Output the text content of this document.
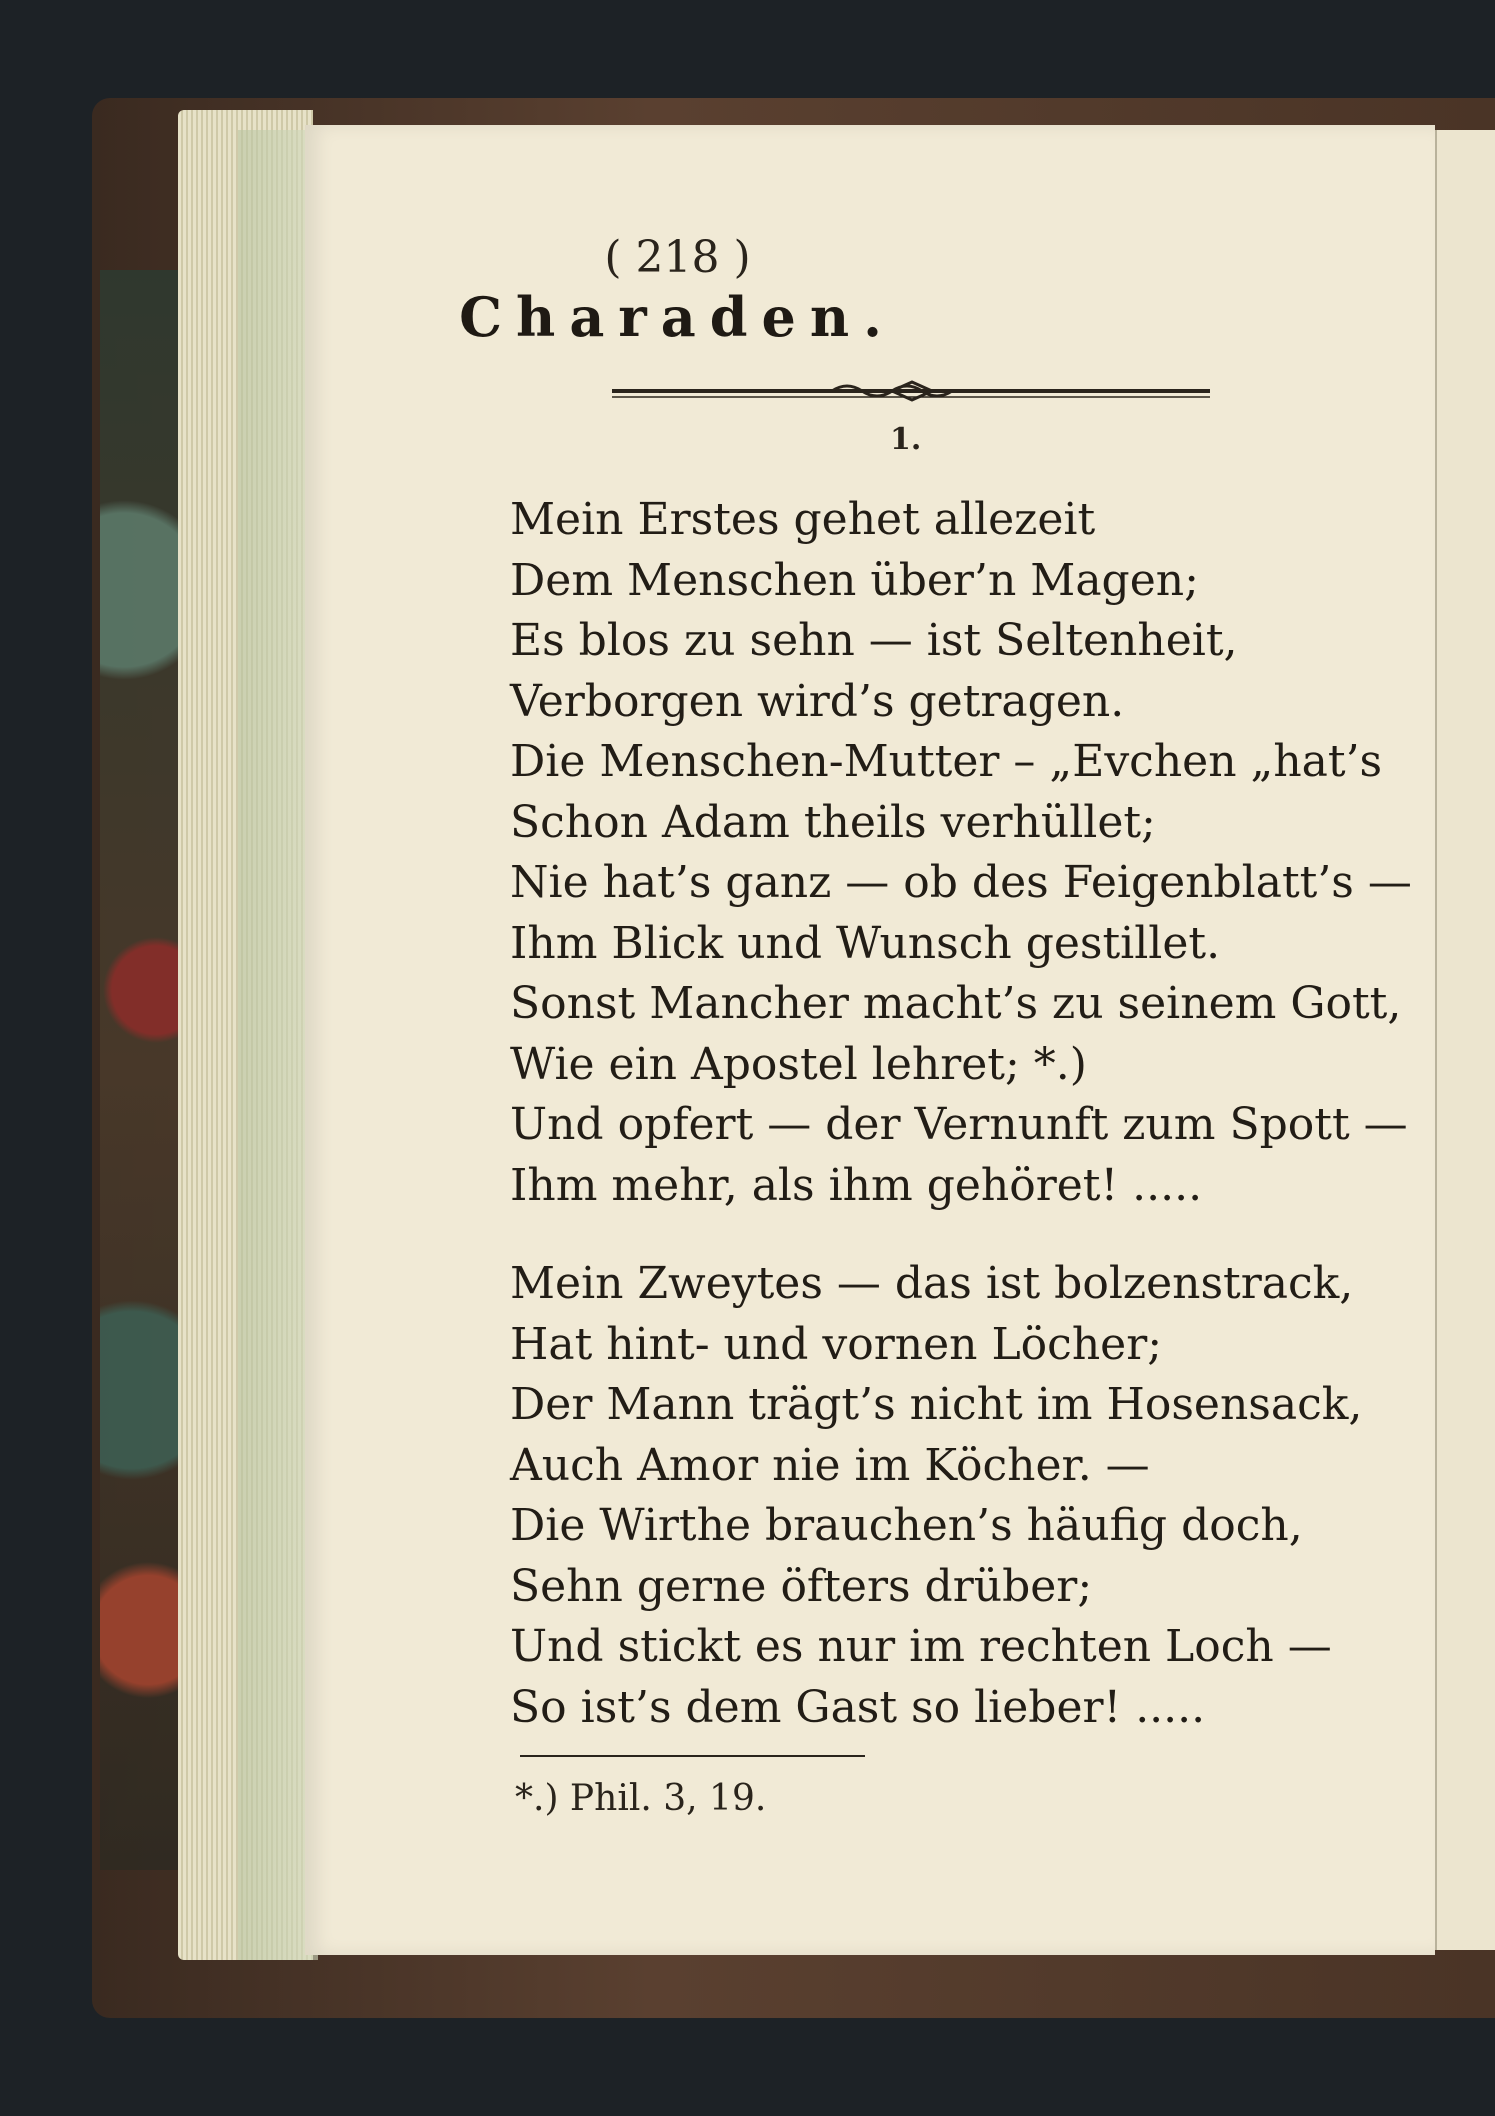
( 218 )
Charaden.
1.
Mein Erstes gehet allezeit
Dem Menschen über’n Magen;
Es blos zu sehn — ist Seltenheit,
Verborgen wird’s getragen.
Die Menschen-Mutter – „Evchen „hat’s
Schon Adam theils verhüllet;
Nie hat’s ganz — ob des Feigenblatt’s —
Ihm Blick und Wunsch gestillet.
Sonst Mancher macht’s zu seinem Gott,
Wie ein Apostel lehret; *.)
Und opfert — der Vernunft zum Spott —
Ihm mehr, als ihm gehöret! .....
Mein Zweytes — das ist bolzenstrack,
Hat hint- und vornen Löcher;
Der Mann trägt’s nicht im Hosensack,
Auch Amor nie im Köcher. —
Die Wirthe brauchen’s häufig doch,
Sehn gerne öfters drüber;
Und stickt es nur im rechten Loch —
So ist’s dem Gast so lieber! .....
*.) Phil. 3, 19.
